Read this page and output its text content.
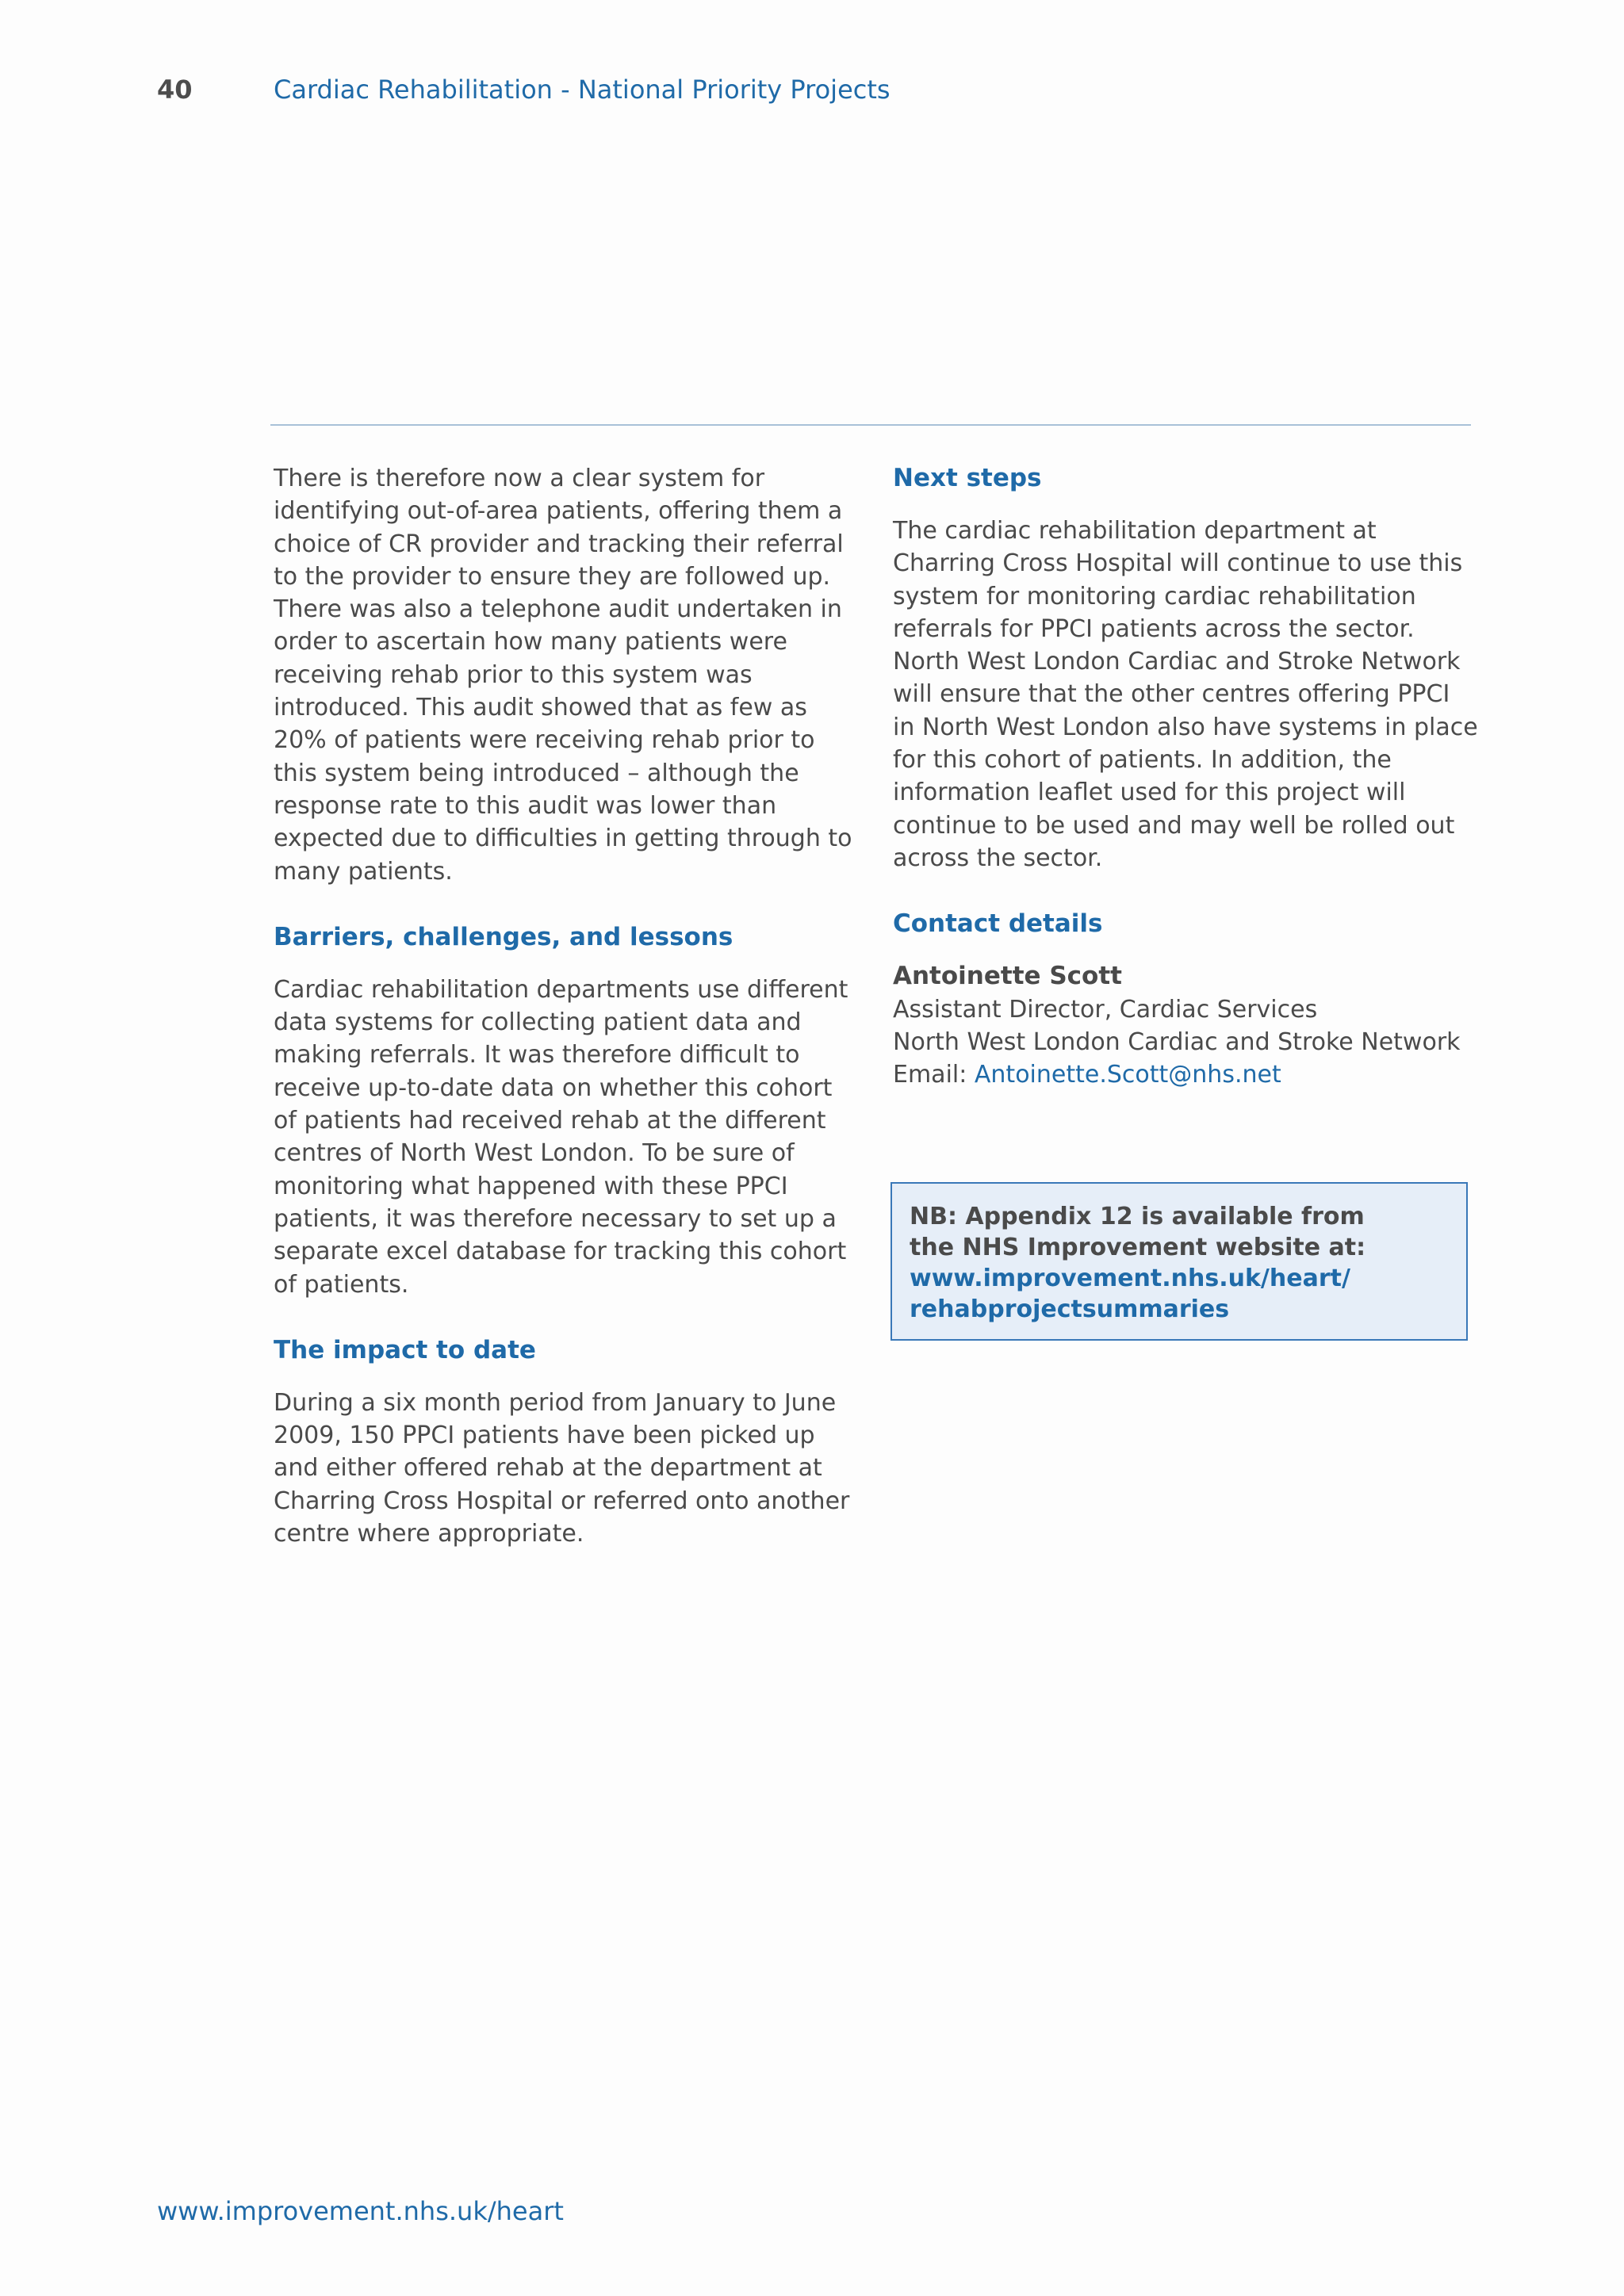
40	Cardiac Rehabilitation - National Priority Projects

There is therefore now a clear system for
identifying out-of-area patients, offering them a
choice of CR provider and tracking their referral
to the provider to ensure they are followed up.
There was also a telephone audit undertaken in
order to ascertain how many patients were
receiving rehab prior to this system was
introduced. This audit showed that as few as
20% of patients were receiving rehab prior to
this system being introduced – although the
response rate to this audit was lower than
expected due to difficulties in getting through to
many patients.

Barriers, challenges, and lessons

Cardiac rehabilitation departments use different
data systems for collecting patient data and
making referrals. It was therefore difficult to
receive up-to-date data on whether this cohort
of patients had received rehab at the different
centres of North West London. To be sure of
monitoring what happened with these PPCI
patients, it was therefore necessary to set up a
separate excel database for tracking this cohort
of patients.

The impact to date

During a six month period from January to June
2009, 150 PPCI patients have been picked up
and either offered rehab at the department at
Charring Cross Hospital or referred onto another
centre where appropriate.

Next steps

The cardiac rehabilitation department at
Charring Cross Hospital will continue to use this
system for monitoring cardiac rehabilitation
referrals for PPCI patients across the sector.
North West London Cardiac and Stroke Network
will ensure that the other centres offering PPCI
in North West London also have systems in place
for this cohort of patients. In addition, the
information leaflet used for this project will
continue to be used and may well be rolled out
across the sector.

Contact details

Antoinette Scott

Assistant Director, Cardiac Services

North West London Cardiac and Stroke Network

Email: Antoinette.Scott@nhs.net

NB: Appendix 12 is available from

the NHS Improvement website at:

www.improvement.nhs.uk/heart/

rehabprojectsummaries

www.improvement.nhs.uk/heart
